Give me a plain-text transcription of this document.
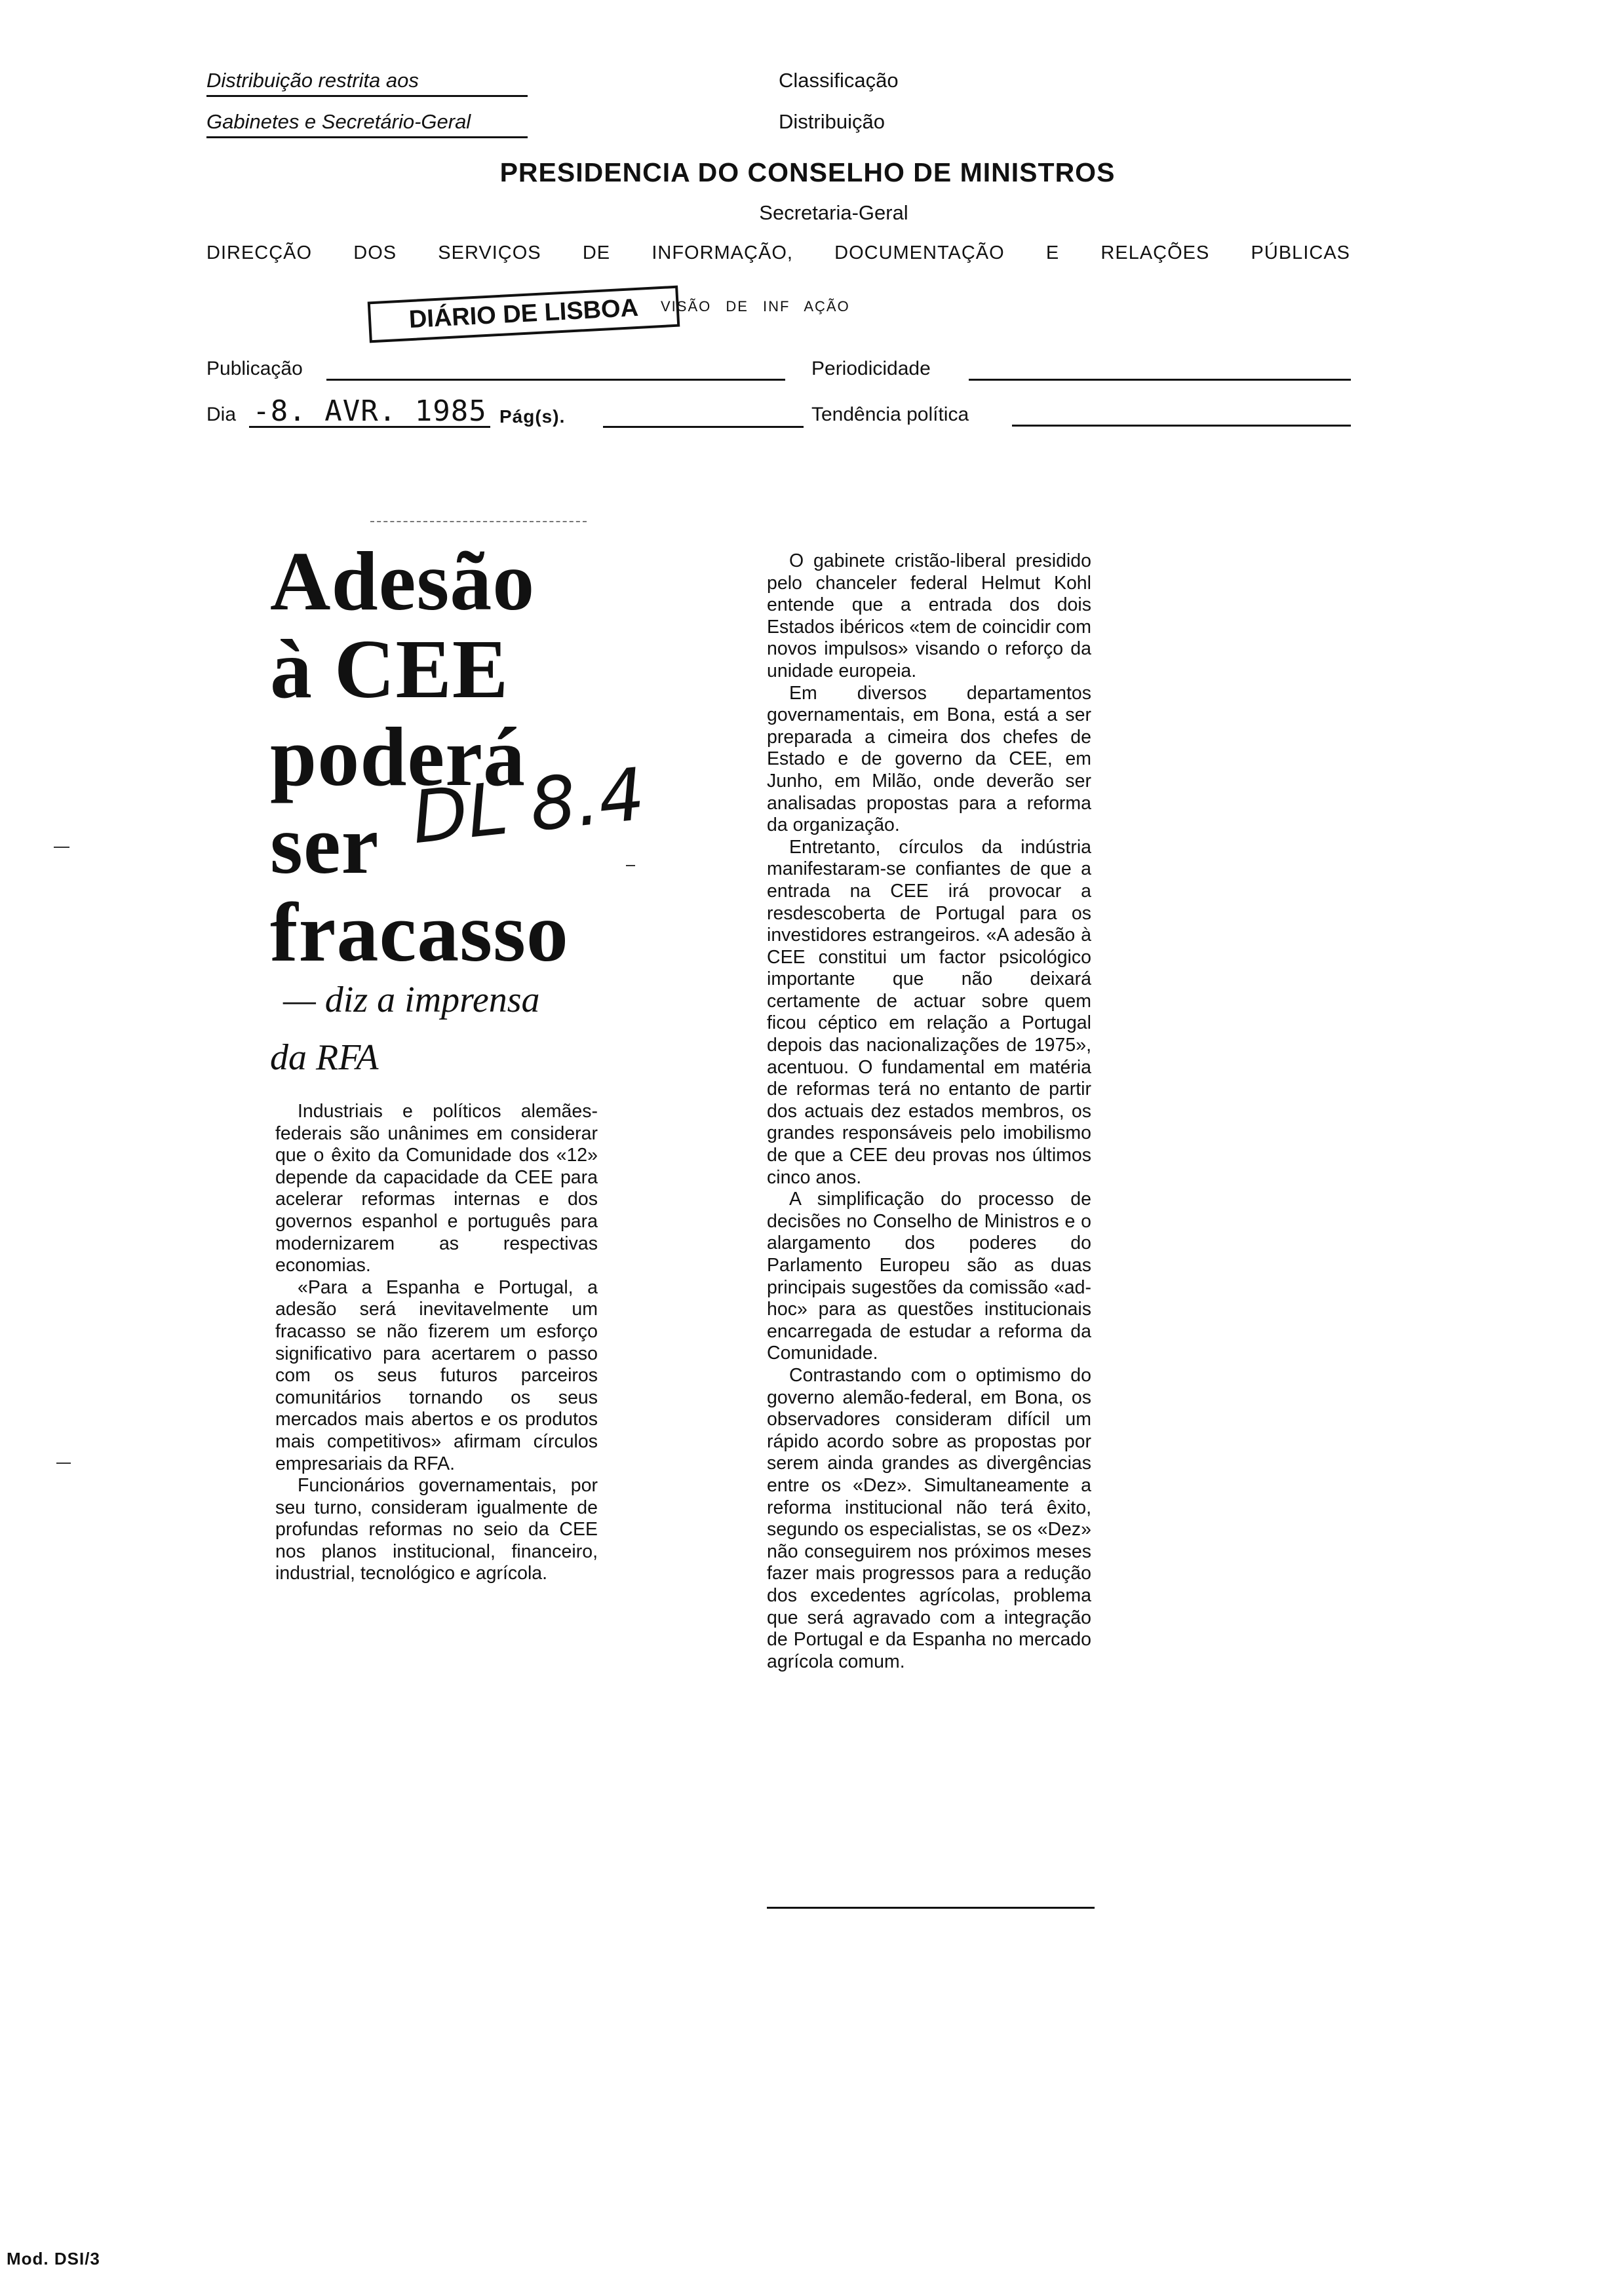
Distribuição restrita aos
Gabinetes e Secretário-Geral
Classificação
Distribuição
PRESIDENCIA DO CONSELHO DE MINISTROS
Secretaria-Geral
DIRECÇÃO DOS SERVIÇOS DE INFORMAÇÃO, DOCUMENTAÇÃO E RELAÇÕES PÚBLICAS
DIÁRIO DE LISBOA	VISÃO DE INF AÇÃO
Publicação	Periodicidade
Dia -8. AVR. 1985 Pág(s).	Tendência política
Adesão
à CEE
poderá
ser
fracasso
DL 8.4
— diz a imprensa
da RFA

Industriais e políticos alemães-federais são unânimes em considerar que o êxito da Comunidade dos «12» depende da capacidade da CEE para acelerar reformas internas e dos governos espanhol e português para modernizarem as respectivas economias.

«Para a Espanha e Portugal, a adesão será inevitavelmente um fracasso se não fizerem um esforço significativo para acertarem o passo com os seus futuros parceiros comunitários tornando os seus mercados mais abertos e os produtos mais competitivos» afirmam círculos empresariais da RFA.

Funcionários governamentais, por seu turno, consideram igualmente de profundas reformas no seio da CEE nos planos institucional, financeiro, industrial, tecnológico e agrícola.

O gabinete cristão-liberal presidido pelo chanceler federal Helmut Kohl entende que a entrada dos dois Estados ibéricos «tem de coincidir com novos impulsos» visando o reforço da unidade europeia.

Em diversos departamentos governamentais, em Bona, está a ser preparada a cimeira dos chefes de Estado e de governo da CEE, em Junho, em Milão, onde deverão ser analisadas propostas para a reforma da organização.

Entretanto, círculos da indústria manifestaram-se confiantes de que a entrada na CEE irá provocar a resdescoberta de Portugal para os investidores estrangeiros. «A adesão à CEE constitui um factor psicológico importante que não deixará certamente de actuar sobre quem ficou céptico em relação a Portugal depois das nacionalizações de 1975», acentuou. O fundamental em matéria de reformas terá no entanto de partir dos actuais dez estados membros, os grandes responsáveis pelo imobilismo de que a CEE deu provas nos últimos cinco anos.

A simplificação do processo de decisões no Conselho de Ministros e o alargamento dos poderes do Parlamento Europeu são as duas principais sugestões da comissão «ad-hoc» para as questões institucionais encarregada de estudar a reforma da Comunidade.

Contrastando com o optimismo do governo alemão-federal, em Bona, os observadores consideram difícil um rápido acordo sobre as propostas por serem ainda grandes as divergências entre os «Dez». Simultaneamente a reforma institucional não terá êxito, segundo os especialistas, se os «Dez» não conseguirem nos próximos meses fazer mais progressos para a redução dos excedentes agrícolas, problema que será agravado com a integração de Portugal e da Espanha no mercado agrícola comum.

Mod. DSI/3
